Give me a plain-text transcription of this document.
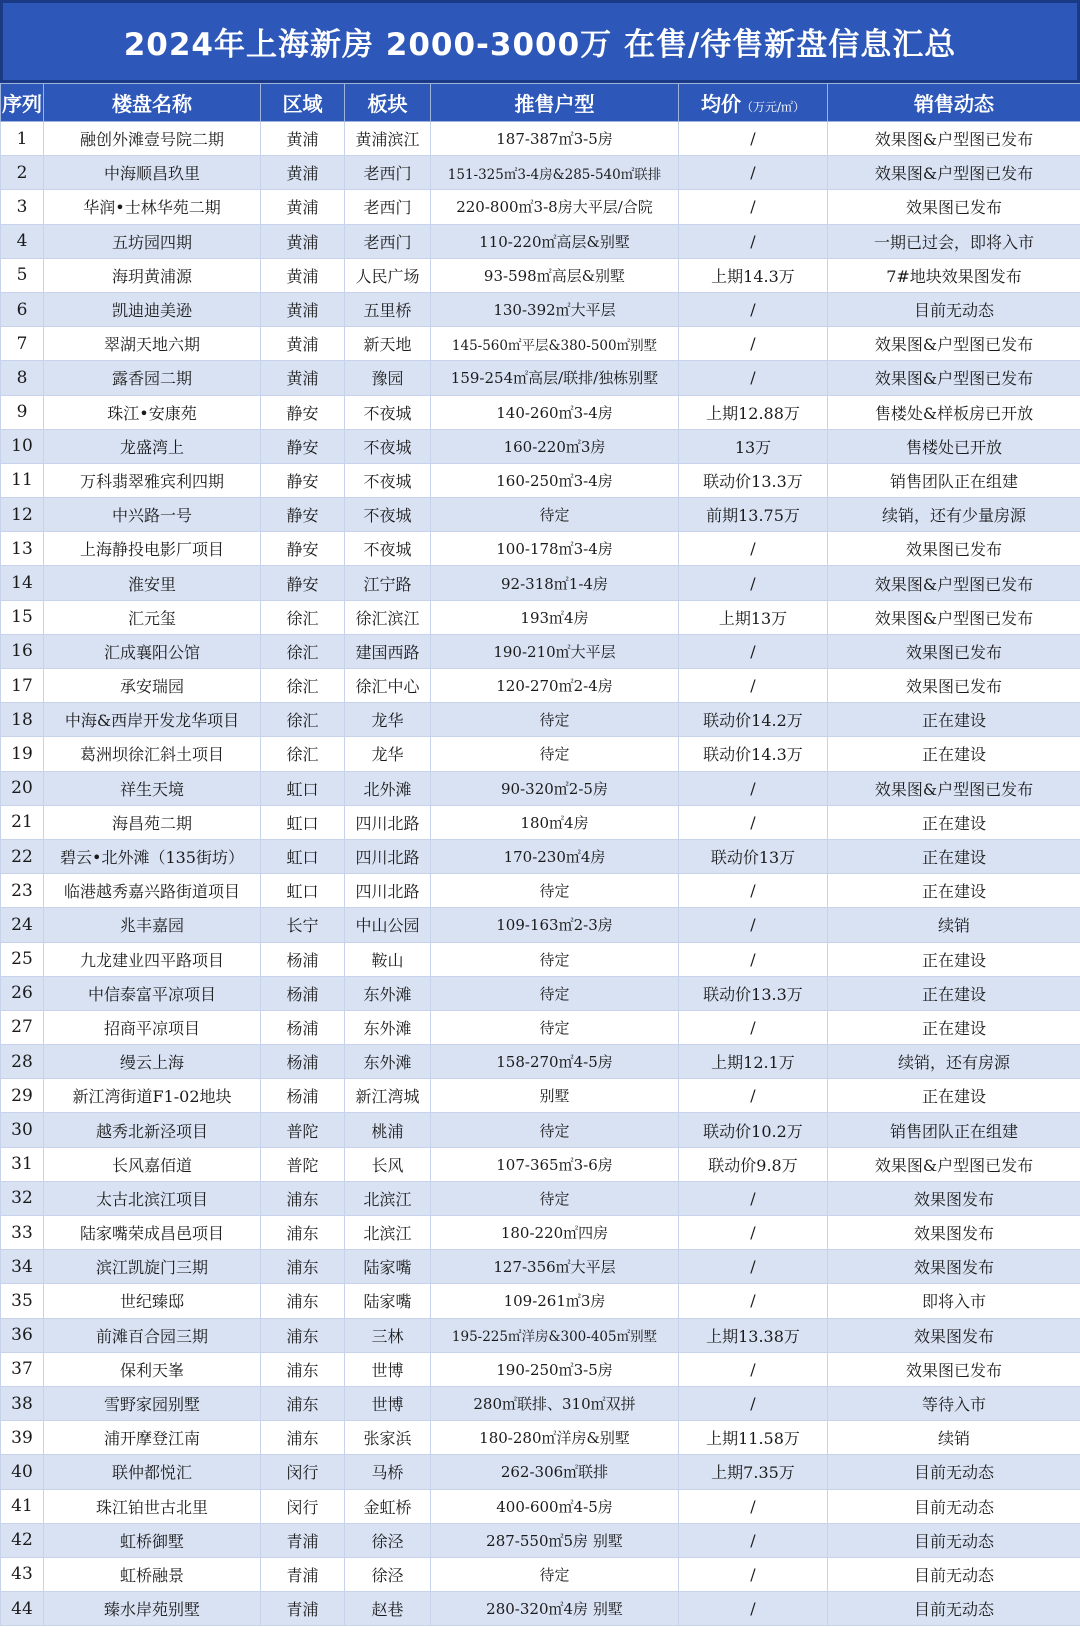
2024年上海新房 2000-3000万 在售/待售新盘信息汇总
序列	楼盘名称	区域	板块	推售户型	均价（万元/㎡）	销售动态
1	融创外滩壹号院二期	黄浦	黄浦滨江	187-387㎡3-5房	/	效果图&户型图已发布
2	中海顺昌玖里	黄浦	老西门	151-325㎡3-4房&285-540㎡联排	/	效果图&户型图已发布
3	华润•士林华苑二期	黄浦	老西门	220-800㎡3-8房大平层/合院	/	效果图已发布
4	五坊园四期	黄浦	老西门	110-220㎡高层&别墅	/	一期已过会，即将入市
5	海玥黄浦源	黄浦	人民广场	93-598㎡高层&别墅	上期14.3万	7#地块效果图发布
6	凯迪迪美逊	黄浦	五里桥	130-392㎡大平层	/	目前无动态
7	翠湖天地六期	黄浦	新天地	145-560㎡平层&380-500㎡别墅	/	效果图&户型图已发布
8	露香园二期	黄浦	豫园	159-254㎡高层/联排/独栋别墅	/	效果图&户型图已发布
9	珠江•安康苑	静安	不夜城	140-260㎡3-4房	上期12.88万	售楼处&样板房已开放
10	龙盛湾上	静安	不夜城	160-220㎡3房	13万	售楼处已开放
11	万科翡翠雅宾利四期	静安	不夜城	160-250㎡3-4房	联动价13.3万	销售团队正在组建
12	中兴路一号	静安	不夜城	待定	前期13.75万	续销，还有少量房源
13	上海静投电影厂项目	静安	不夜城	100-178㎡3-4房	/	效果图已发布
14	淮安里	静安	江宁路	92-318㎡1-4房	/	效果图&户型图已发布
15	汇元玺	徐汇	徐汇滨江	193㎡4房	上期13万	效果图&户型图已发布
16	汇成襄阳公馆	徐汇	建国西路	190-210㎡大平层	/	效果图已发布
17	承安瑞园	徐汇	徐汇中心	120-270㎡2-4房	/	效果图已发布
18	中海&西岸开发龙华项目	徐汇	龙华	待定	联动价14.2万	正在建设
19	葛洲坝徐汇斜土项目	徐汇	龙华	待定	联动价14.3万	正在建设
20	祥生天境	虹口	北外滩	90-320㎡2-5房	/	效果图&户型图已发布
21	海昌苑二期	虹口	四川北路	180㎡4房	/	正在建设
22	碧云•北外滩（135街坊）	虹口	四川北路	170-230㎡4房	联动价13万	正在建设
23	临港越秀嘉兴路街道项目	虹口	四川北路	待定	/	正在建设
24	兆丰嘉园	长宁	中山公园	109-163㎡2-3房	/	续销
25	九龙建业四平路项目	杨浦	鞍山	待定	/	正在建设
26	中信泰富平凉项目	杨浦	东外滩	待定	联动价13.3万	正在建设
27	招商平凉项目	杨浦	东外滩	待定	/	正在建设
28	缦云上海	杨浦	东外滩	158-270㎡4-5房	上期12.1万	续销，还有房源
29	新江湾街道F1-02地块	杨浦	新江湾城	别墅	/	正在建设
30	越秀北新泾项目	普陀	桃浦	待定	联动价10.2万	销售团队正在组建
31	长风嘉佰道	普陀	长风	107-365㎡3-6房	联动价9.8万	效果图&户型图已发布
32	太古北滨江项目	浦东	北滨江	待定	/	效果图发布
33	陆家嘴荣成昌邑项目	浦东	北滨江	180-220㎡四房	/	效果图发布
34	滨江凯旋门三期	浦东	陆家嘴	127-356㎡大平层	/	效果图发布
35	世纪臻邸	浦东	陆家嘴	109-261㎡3房	/	即将入市
36	前滩百合园三期	浦东	三林	195-225㎡洋房&300-405㎡别墅	上期13.38万	效果图发布
37	保利天峯	浦东	世博	190-250㎡3-5房	/	效果图已发布
38	雪野家园别墅	浦东	世博	280㎡联排、310㎡双拼	/	等待入市
39	浦开摩登江南	浦东	张家浜	180-280㎡洋房&别墅	上期11.58万	续销
40	联仲都悦汇	闵行	马桥	262-306㎡联排	上期7.35万	目前无动态
41	珠江铂世古北里	闵行	金虹桥	400-600㎡4-5房	/	目前无动态
42	虹桥御墅	青浦	徐泾	287-550㎡5房 别墅	/	目前无动态
43	虹桥融景	青浦	徐泾	待定	/	目前无动态
44	臻水岸苑别墅	青浦	赵巷	280-320㎡4房 别墅	/	目前无动态
